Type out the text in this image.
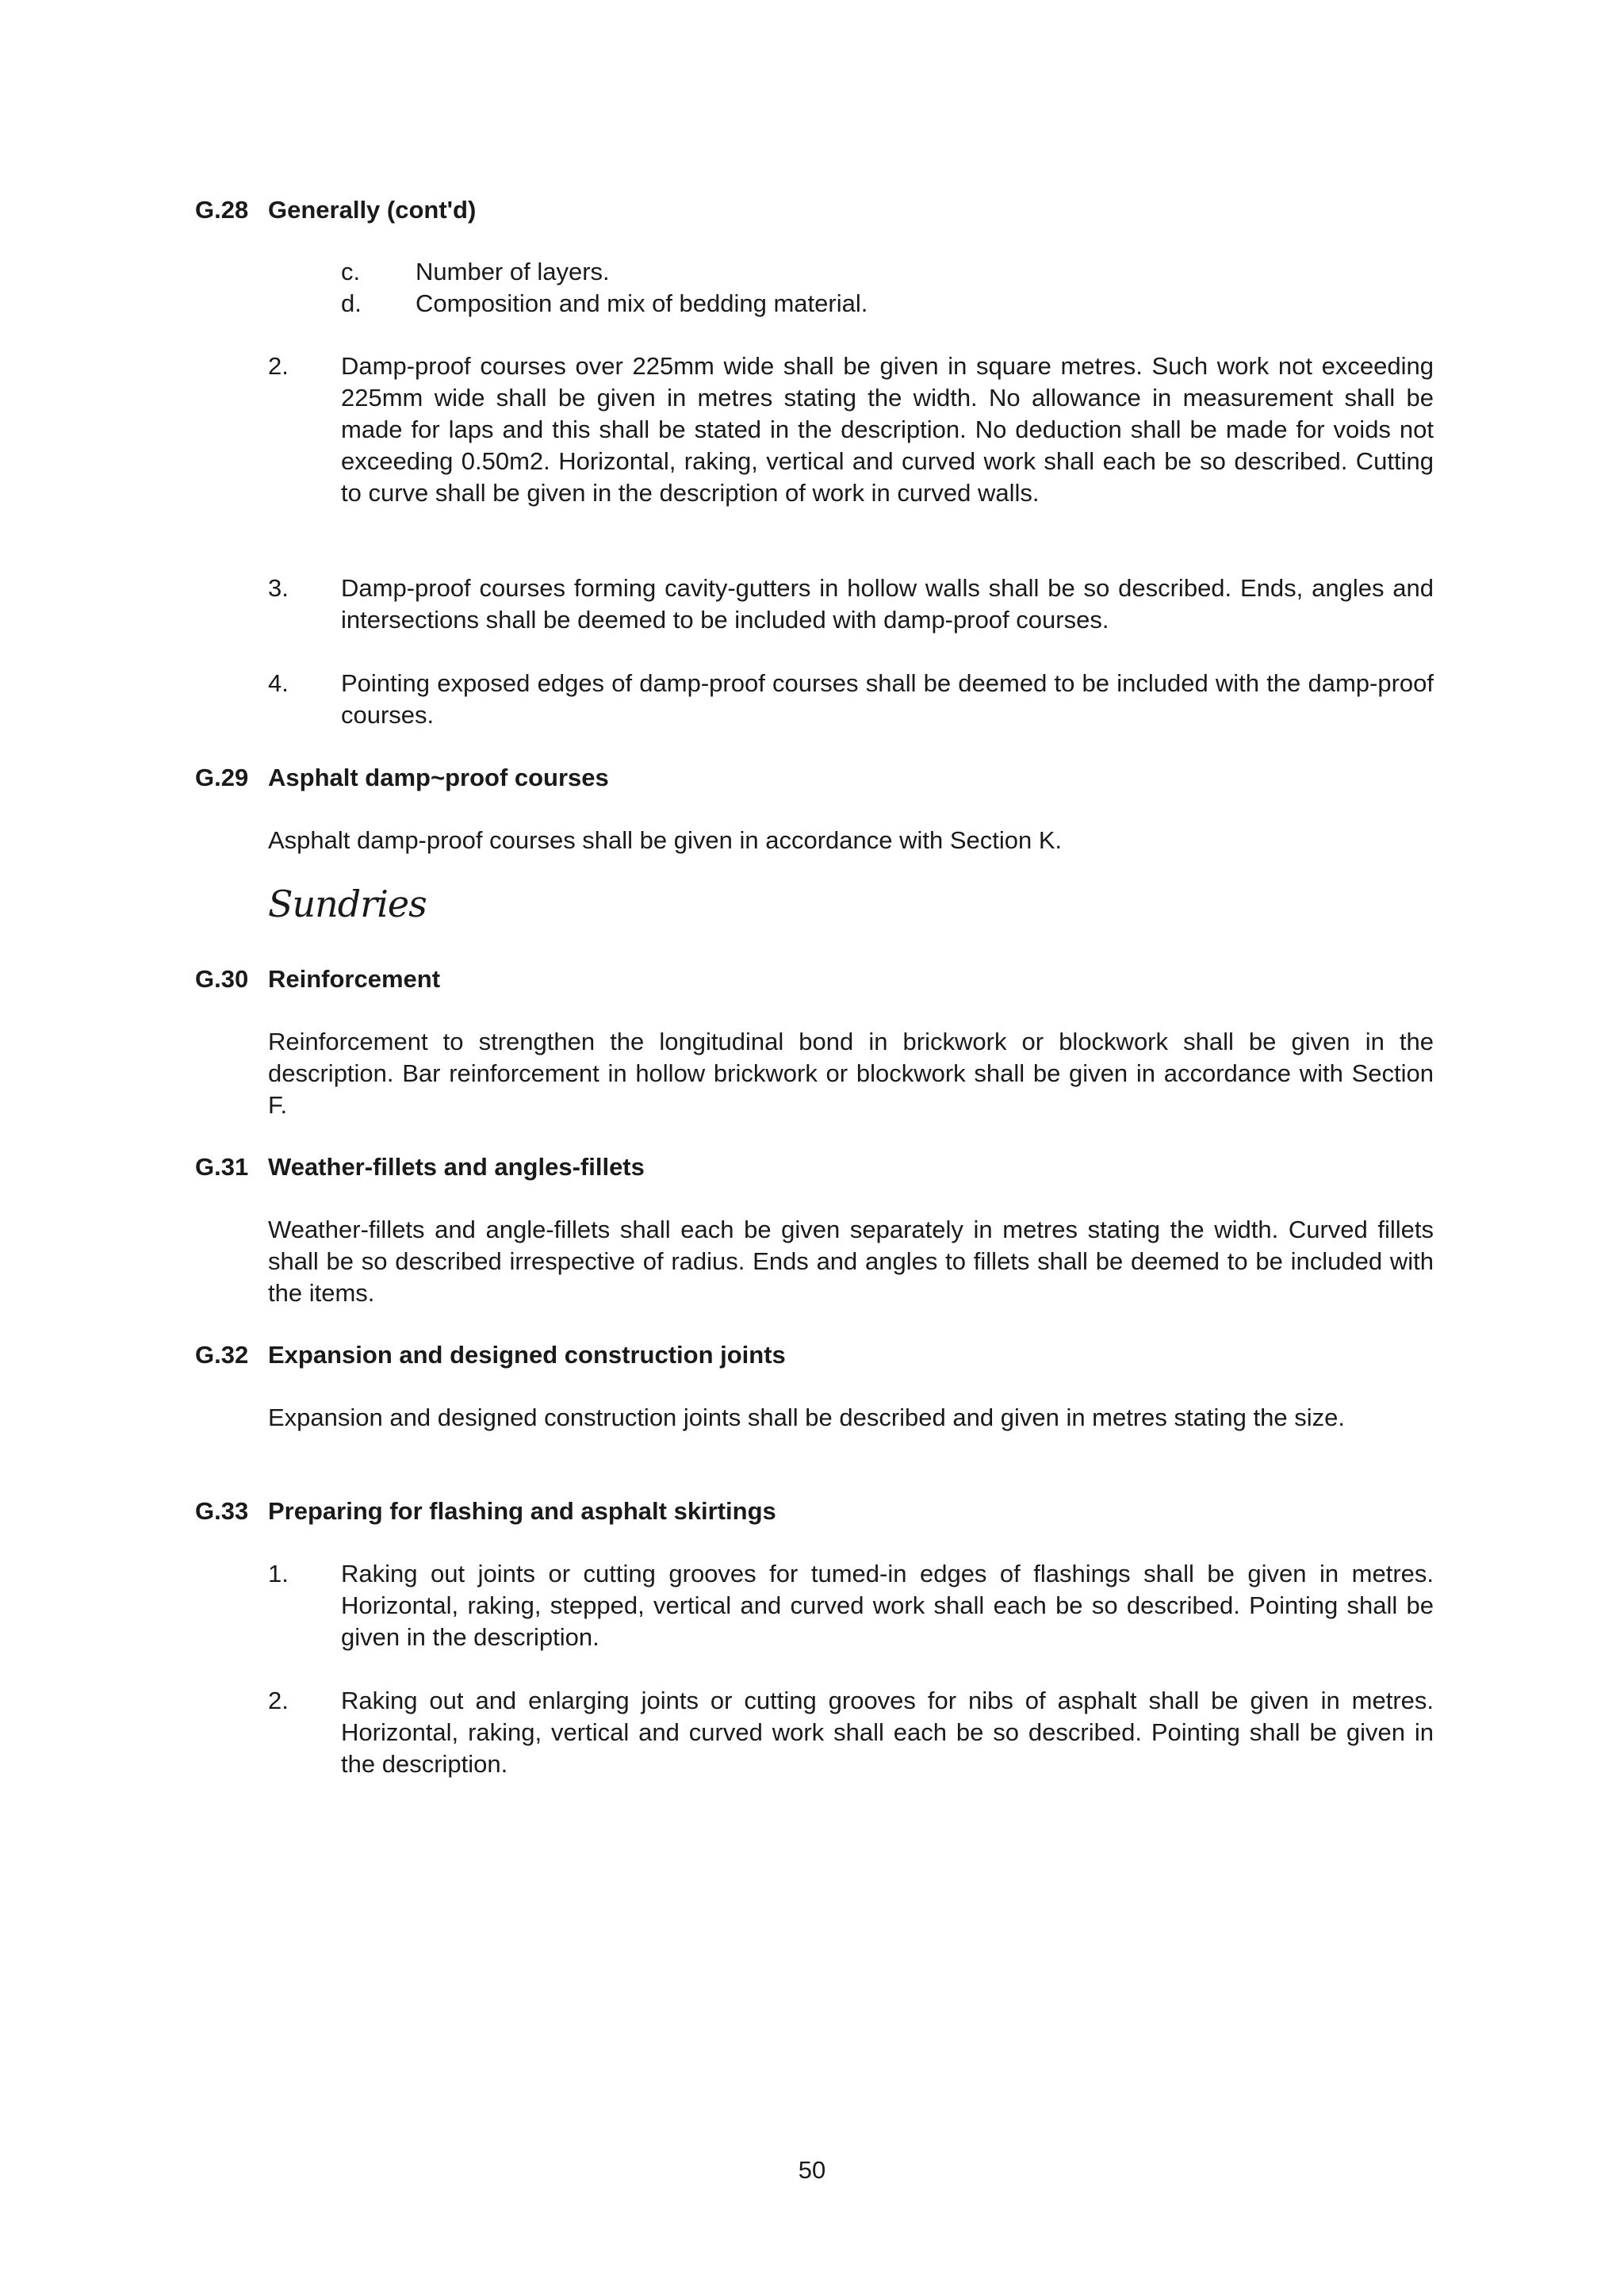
G.28 Generally (cont'd)
c. Number of layers.
d. Composition and mix of bedding material.
2. Damp-proof courses over 225mm wide shall be given in square metres. Such work not exceeding 225mm wide shall be given in metres stating the width. No allowance in measurement shall be made for laps and this shall be stated in the description. No deduction shall be made for voids not exceeding 0.50m2. Horizontal, raking, vertical and curved work shall each be so described. Cutting to curve shall be given in the description of work in curved walls.

3. Damp-proof courses forming cavity-gutters in hollow walls shall be so described. Ends, angles and intersections shall be deemed to be included with damp-proof courses.

4. Pointing exposed edges of damp-proof courses shall be deemed to be included with the damp-proof courses.

G.29 Asphalt damp~proof courses

Asphalt damp-proof courses shall be given in accordance with Section K.

Sundries
G.30 Reinforcement

Reinforcement to strengthen the longitudinal bond in brickwork or blockwork shall be given in the description. Bar reinforcement in hollow brickwork or blockwork shall be given in accordance with Section F.

G.31 Weather-fillets and angles-fillets

Weather-fillets and angle-fillets shall each be given separately in metres stating the width. Curved fillets shall be so described irrespective of radius. Ends and angles to fillets shall be deemed to be included with the items.

G.32 Expansion and designed construction joints

Expansion and designed construction joints shall be described and given in metres stating the size.

G.33 Preparing for flashing and asphalt skirtings
1. Raking out joints or cutting grooves for tumed-in edges of flashings shall be given in metres. Horizontal, raking, stepped, vertical and curved work shall each be so described. Pointing shall be given in the description.

2. Raking out and enlarging joints or cutting grooves for nibs of asphalt shall be given in metres. Horizontal, raking, vertical and curved work shall each be so described. Pointing shall be given in the description.

50
